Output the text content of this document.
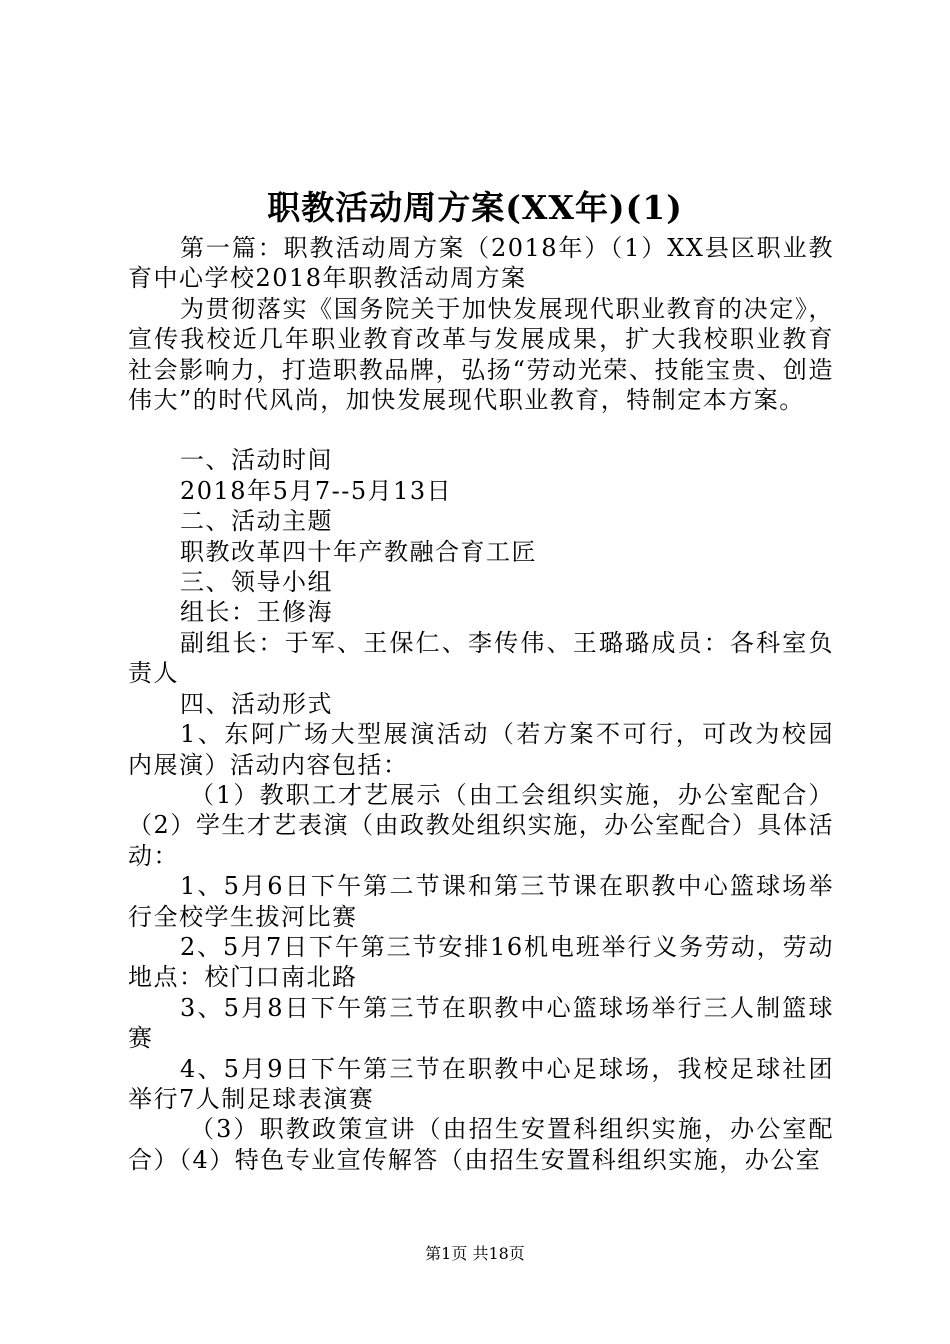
职教活动周方案(XX年)(1)

第一篇：职教活动周方案（2018年）（1）XX县区职业教育中心学校2018年职教活动周方案

为贯彻落实《国务院关于加快发展现代职业教育的决定》，宣传我校近几年职业教育改革与发展成果，扩大我校职业教育社会影响力，打造职教品牌，弘扬“劳动光荣、技能宝贵、创造伟大”的时代风尚，加快发展现代职业教育，特制定本方案。

一、活动时间

2018年5月7--5月13日

二、活动主题

职教改革四十年产教融合育工匠

三、领导小组

组长：王修海

副组长：于军、王保仁、李传伟、王璐璐成员：各科室负责人

四、活动形式

1、东阿广场大型展演活动（若方案不可行，可改为校园内展演）活动内容包括：

（1）教职工才艺展示（由工会组织实施，办公室配合）（2）学生才艺表演（由政教处组织实施，办公室配合）具体活动：

1、5月6日下午第二节课和第三节课在职教中心篮球场举行全校学生拔河比赛

2、5月7日下午第三节安排16机电班举行义务劳动，劳动地点：校门口南北路

3、5月8日下午第三节在职教中心篮球场举行三人制篮球赛

4、5月9日下午第三节在职教中心足球场，我校足球社团举行7人制足球表演赛

（3）职教政策宣讲（由招生安置科组织实施，办公室配合）（4）特色专业宣传解答（由招生安置科组织实施，办公室

第1页 共18页
